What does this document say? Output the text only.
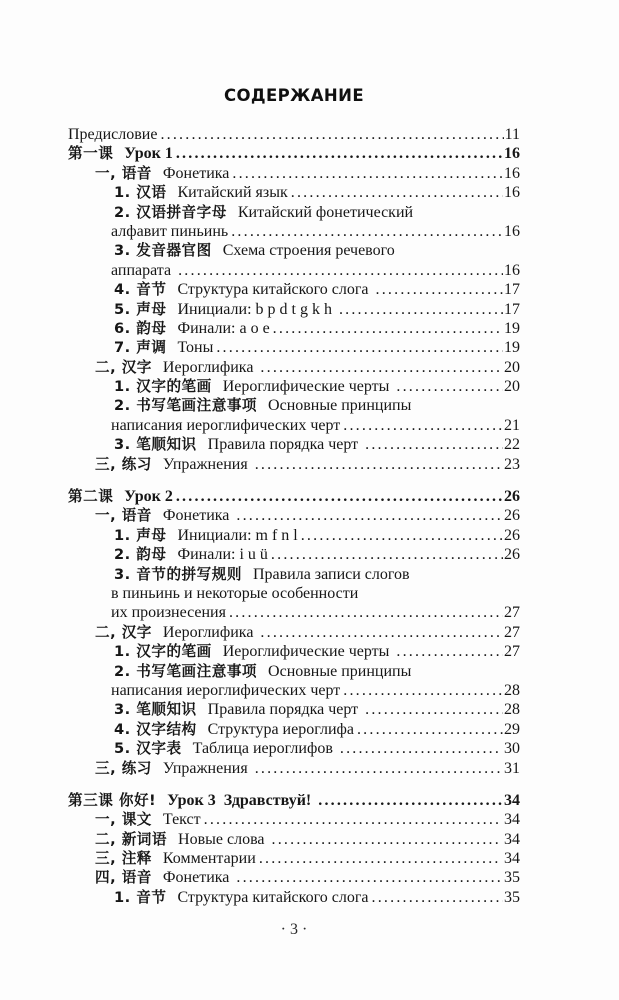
СОДЕРЖАНИЕ
Предисловие .....	11
第一课 Урок 1 .....	16
一, 语音 Фонетика .....	16
1. 汉语 Китайский язык .....	16
2. 汉语拼音字母 Китайский фонетический
алфавит пиньинь .....	16
3. 发音器官图 Схема строения речевого
аппарата .....	16
4. 音节 Структура китайского слога .....	17
5. 声母 Инициали: b p d t g k h .....	17
6. 韵母 Финали: a o e .....	19
7. 声调 Тоны .....	19
二, 汉字 Иероглифика .....	20
1. 汉字的笔画 Иероглифические черты .....	20
2. 书写笔画注意事项 Основные принципы
написания иероглифических черт .....	21
3. 笔顺知识 Правила порядка черт .....	22
三, 练习 Упражнения .....	23
第二课 Урок 2 .....	26
一, 语音 Фонетика .....	26
1. 声母 Инициали: m f n l .....	26
2. 韵母 Финали: i u ü .....	26
3. 音节的拼写规则 Правила записи слогов
в пиньинь и некоторые особенности
их произнесения .....	27
二, 汉字 Иероглифика .....	27
1. 汉字的笔画 Иероглифические черты .....	27
2. 书写笔画注意事项 Основные принципы
написания иероглифических черт .....	28
3. 笔顺知识 Правила порядка черт .....	28
4. 汉字结构 Структура иероглифа .....	29
5. 汉字表 Таблица иероглифов .....	30
三, 练习 Упражнения .....	31
第三课 你好! Урок 3  Здравствуй! .....	34
一, 课文 Текст .....	34
二, 新词语 Новые слова .....	34
三, 注释 Комментарии .....	34
四, 语音 Фонетика .....	35
1. 音节 Структура китайского слога .....	35
· 3 ·
